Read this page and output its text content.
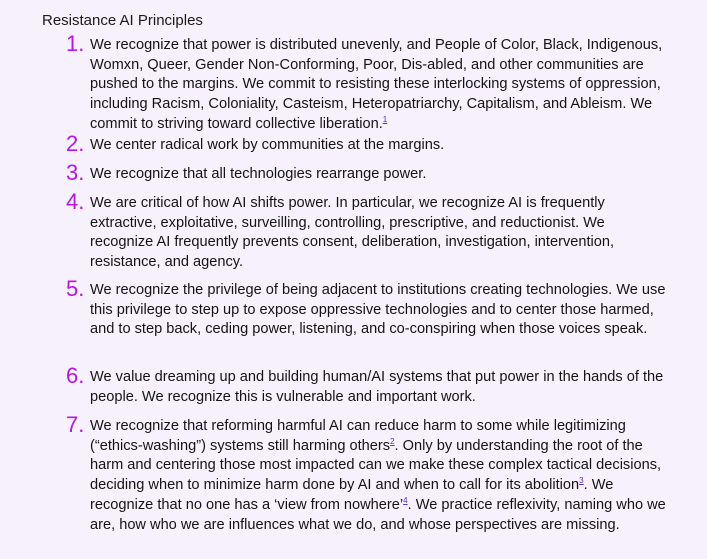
Resistance AI Principles
1. We recognize that power is distributed unevenly, and People of Color, Black, Indigenous, Womxn, Queer, Gender Non-Conforming, Poor, Dis-abled, and other communities are pushed to the margins. We commit to resisting these interlocking systems of oppression, including Racism, Coloniality, Casteism, Heteropatriarchy, Capitalism, and Ableism. We commit to striving toward collective liberation.$^1$
2. We center radical work by communities at the margins.
3. We recognize that all technologies rearrange power.
4. We are critical of how AI shifts power. In particular, we recognize AI is frequently extractive, exploitative, surveilling, controlling, prescriptive, and reductionist. We recognize AI frequently prevents consent, deliberation, investigation, intervention, resistance, and agency.
5. We recognize the privilege of being adjacent to institutions creating technologies. We use this privilege to step up to expose oppressive technologies and to center those harmed, and to step back, ceding power, listening, and co-conspiring when those voices speak.
6. We value dreaming up and building human/AI systems that put power in the hands of the people. We recognize this is vulnerable and important work.
7. We recognize that reforming harmful AI can reduce harm to some while legitimizing (“ethics-washing”) systems still harming others$^2$. Only by understanding the root of the harm and centering those most impacted can we make these complex tactical decisions, deciding when to minimize harm done by AI and when to call for its abolition$^3$. We recognize that no one has a ‘view from nowhere’$^4$. We practice reflexivity, naming who we are, how who we are influences what we do, and whose perspectives are missing.
